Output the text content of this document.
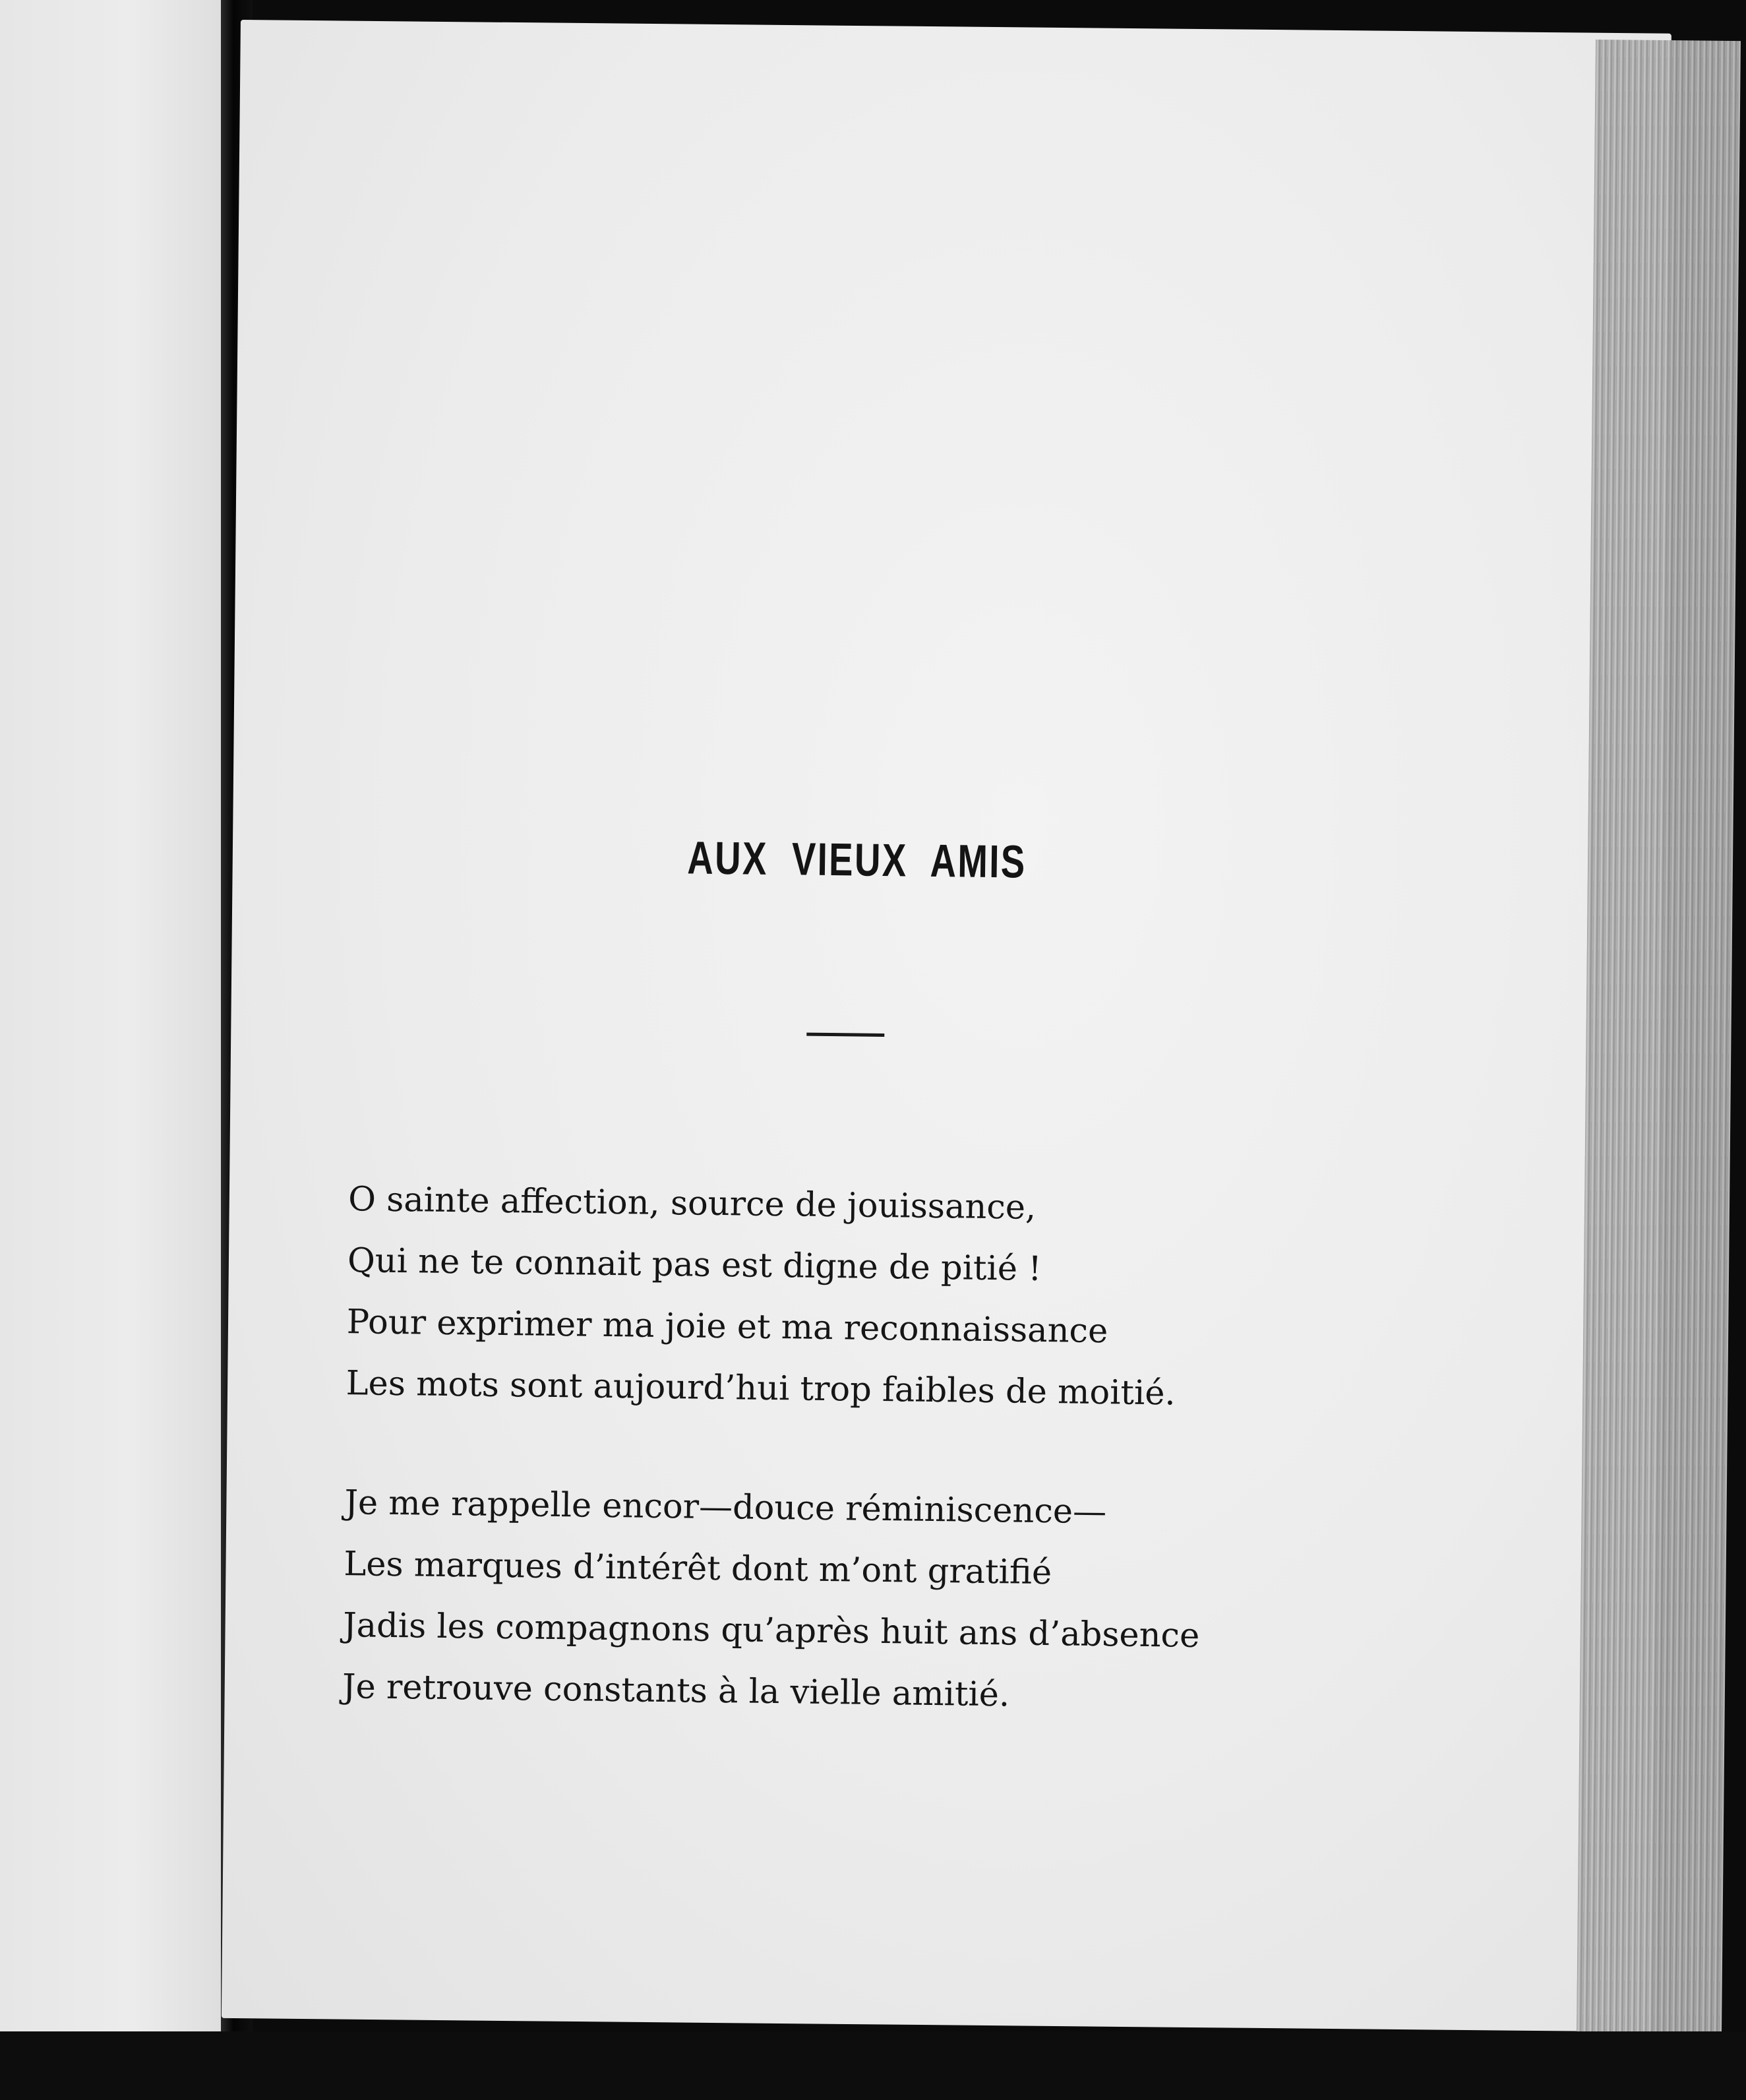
AUX VIEUX AMIS
O sainte affection, source de jouissance,
Qui ne te connait pas est digne de pitié !
Pour exprimer ma joie et ma reconnaissance
Les mots sont aujourd’hui trop faibles de moitié.
Je me rappelle encor—douce réminiscence—
Les marques d’intérêt dont m’ont gratifié
Jadis les compagnons qu’après huit ans d’absence
Je retrouve constants à la vielle amitié.
